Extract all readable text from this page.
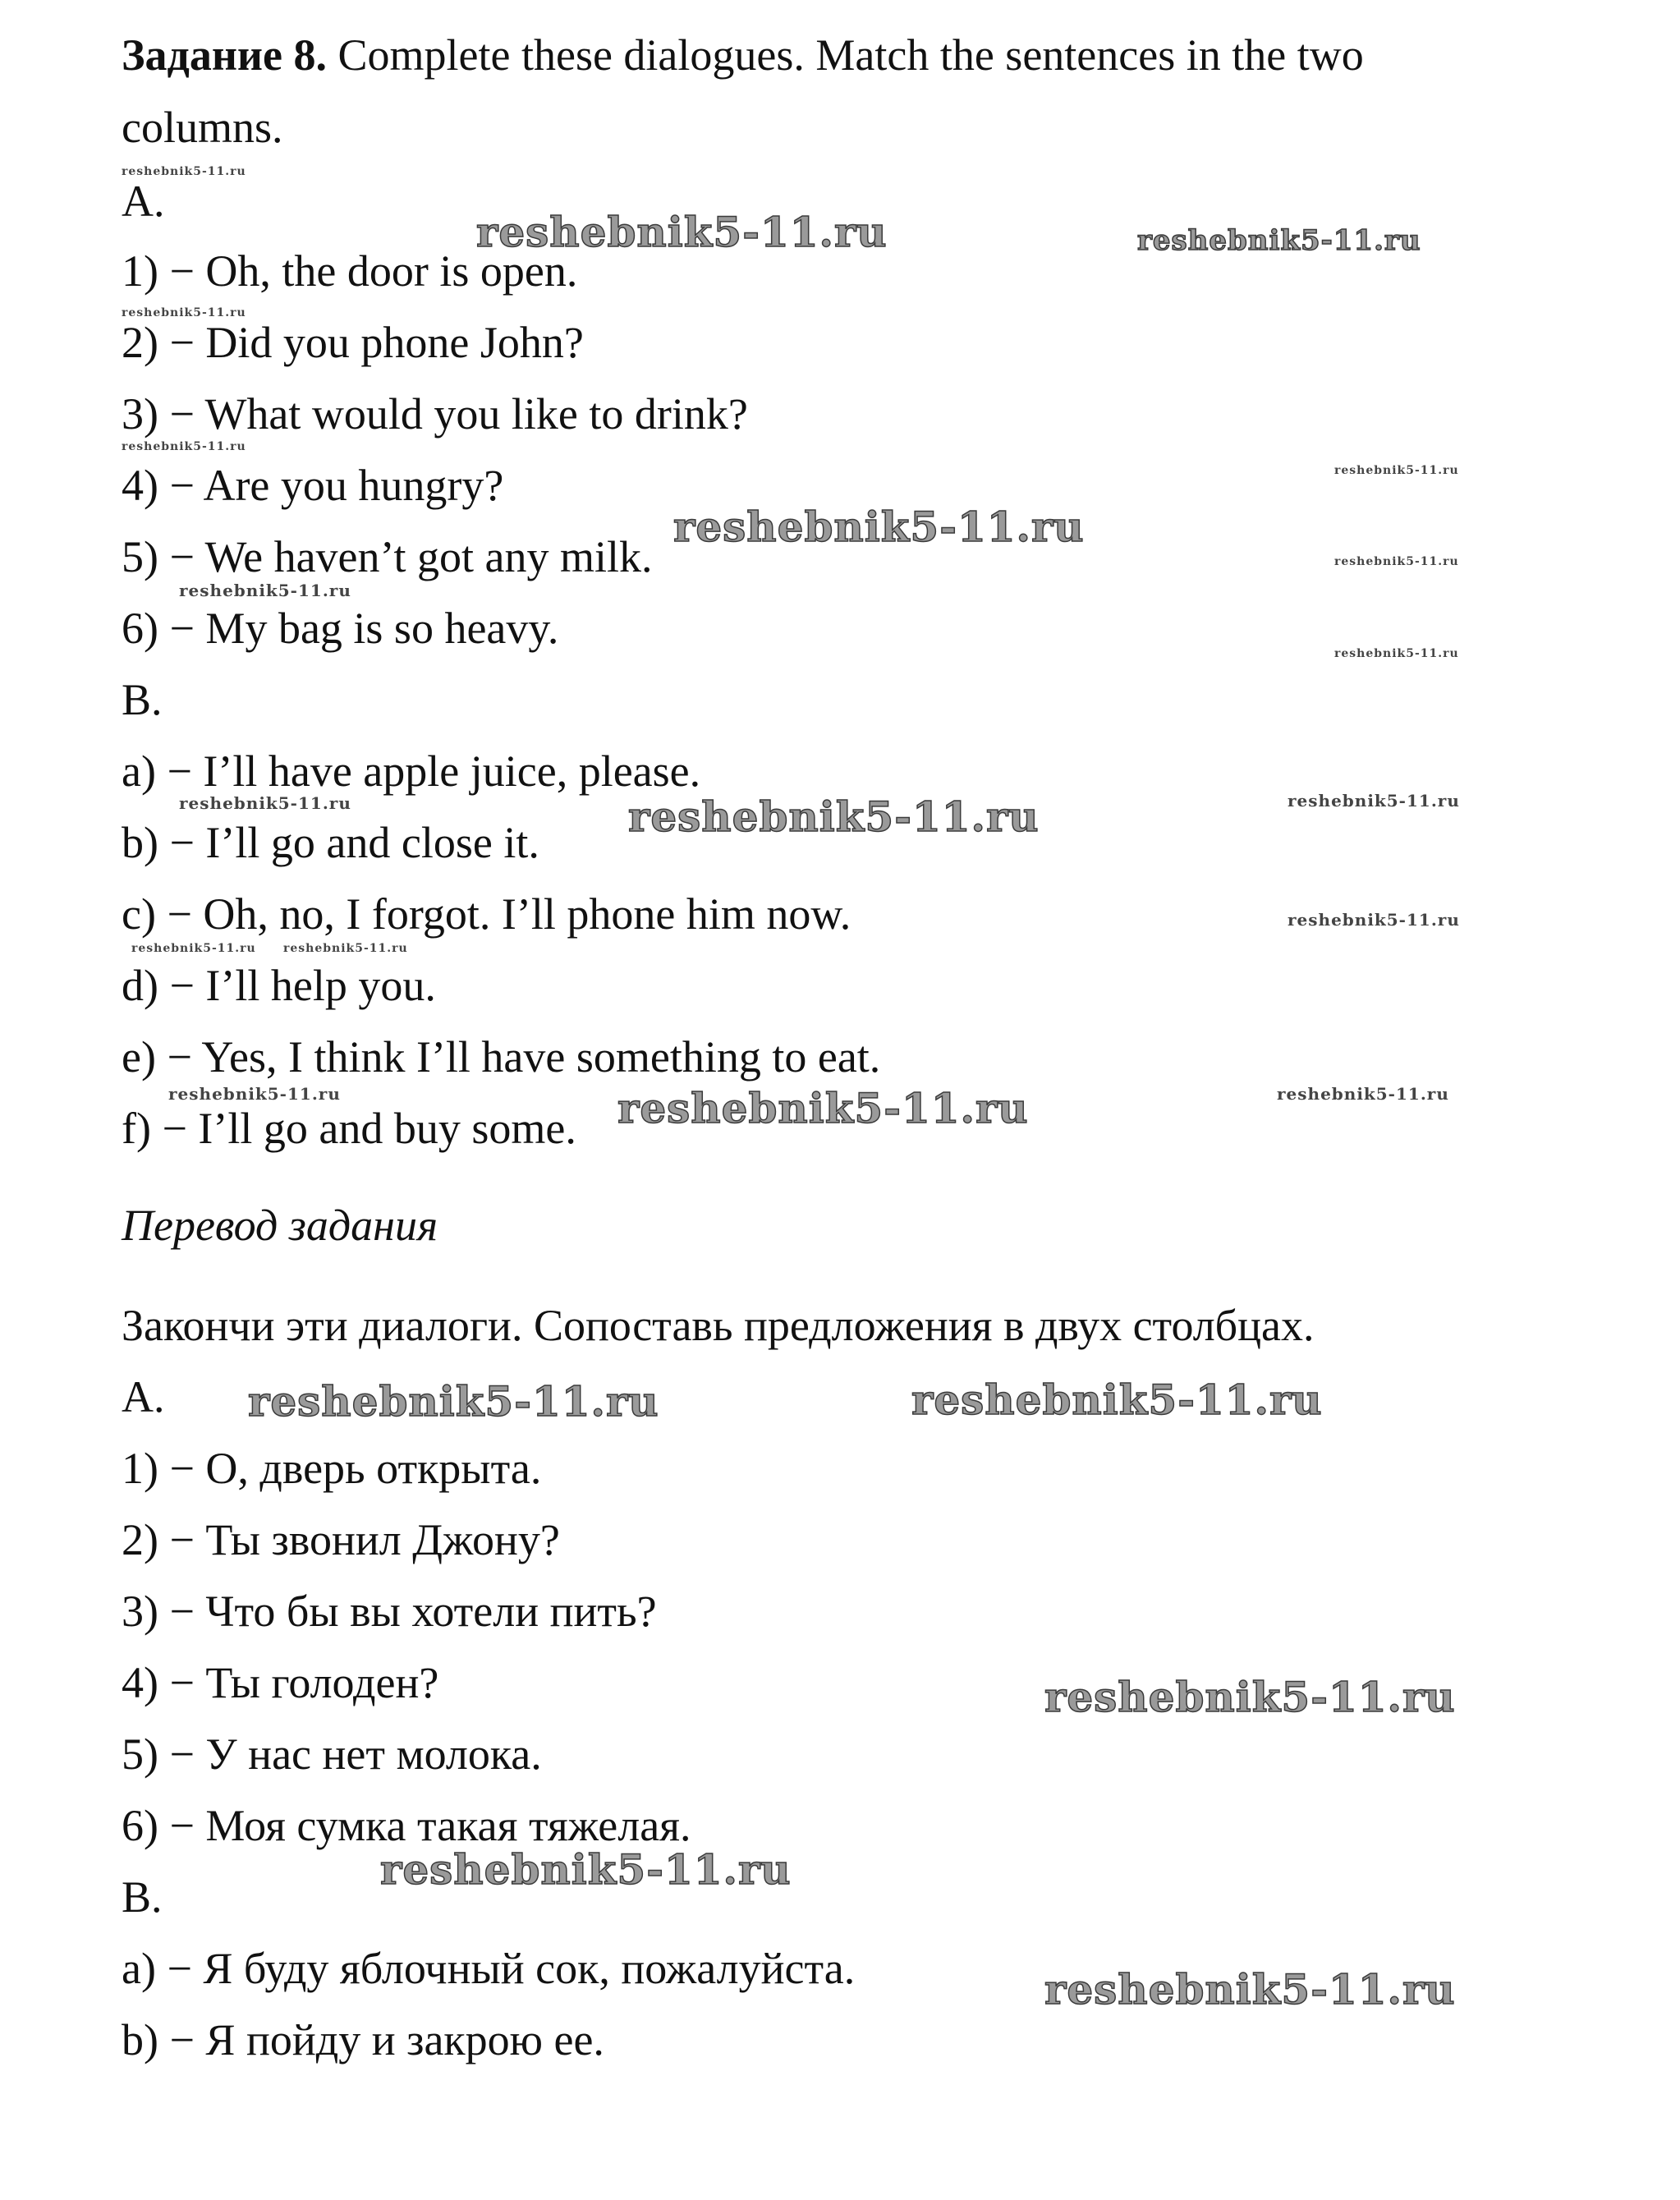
Задание 8. Complete these dialogues. Match the sentences in the two
columns.
A.
1) − Oh, the door is open.
2) − Did you phone John?
3) − What would you like to drink?
4) − Are you hungry?
5) − We haven’t got any milk.
6) − My bag is so heavy.
B.
a) − I’ll have apple juice, please.
b) − I’ll go and close it.
c) − Oh, no, I forgot. I’ll phone him now.
d) − I’ll help you.
e) − Yes, I think I’ll have something to eat.
f) − I’ll go and buy some.
Перевод задания
Закончи эти диалоги. Сопоставь предложения в двух столбцах.
A.
1) − О, дверь открыта.
2) − Ты звонил Джону?
3) − Что бы вы хотели пить?
4) − Ты голоден?
5) − У нас нет молока.
6) − Моя сумка такая тяжелая.
B.
a) − Я буду яблочный сок, пожалуйста.
b) − Я пойду и закрою ее.
reshebnik5-11.ru
reshebnik5-11.ru	reshebnik5-11.ru
reshebnik5-11.ru
reshebnik5-11.ru
reshebnik5-11.ru
reshebnik5-11.ru
reshebnik5-11.ru
reshebnik5-11.ru
reshebnik5-11.ru
reshebnik5-11.ru	reshebnik5-11.ru	reshebnik5-11.ru
reshebnik5-11.ru reshebnik5-11.ru
reshebnik5-11.ru
reshebnik5-11.ru	reshebnik5-11.ru	reshebnik5-11.ru
reshebnik5-11.ru	reshebnik5-11.ru
reshebnik5-11.ru
reshebnik5-11.ru
reshebnik5-11.ru
